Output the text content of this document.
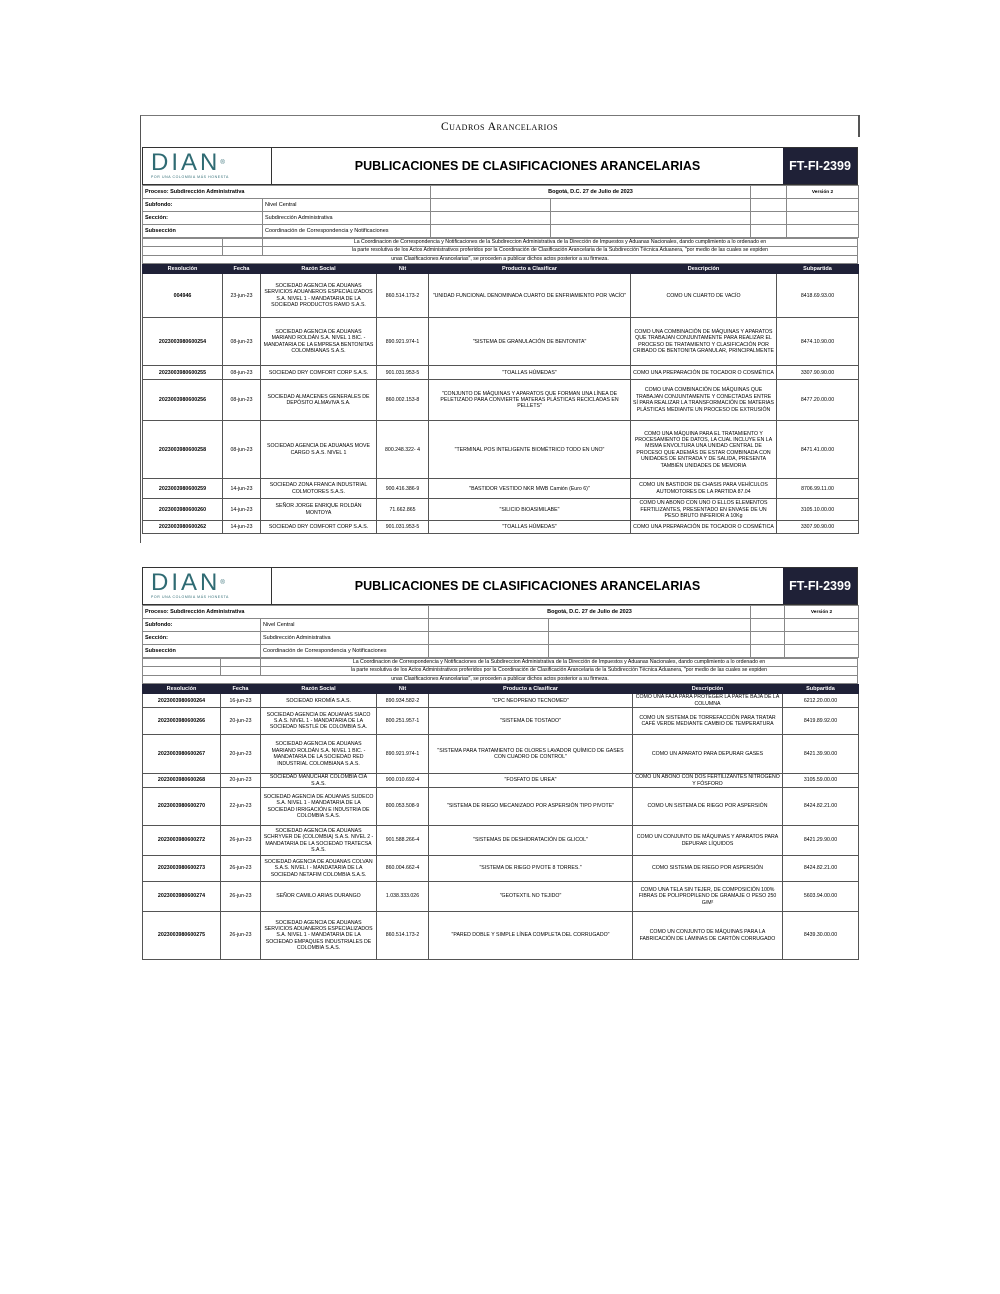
Cuadros Arancelarios
DIAN®
POR UNA COLOMBIA MÁS HONESTA
PUBLICACIONES DE CLASIFICACIONES ARANCELARIAS	FT-FI-2399
Proceso: Subdirección Administrativa		Bogotá, D.C. 27 de Julio de 2023			Versión 2
Subfondo:	Nivel Central				
Sección:	Subdirección Administrativa				
Subsección	Coordinación de Correspondencia y Notificaciones				
		La Coordinacion de Correspondencia y Notificaciones de la Subdireccion Administrativa de la Dirección de Impuestos y Aduanas Nacionales, dando cumplimiento a lo ordenado en
		la parte resolutiva de los Actos Administrativos proferidos por la Coordinación de Clasificación Arancelaria de la Subdirección Técnica Aduanera, "por medio de las cuales se expiden
unas Clasificaciones Arancelarias", se proceden a publicar dichos actos posterior a su firmeza.		
Resolución	Fecha	Razón Social	Nit	Producto a Clasificar	Descripción	Subpartida
004946	23-jun-23	SOCIEDAD AGENCIA DE ADUANAS SERVICIOS ADUANEROS ESPECIALIZADOS S.A. NIVEL 1 - MANDATARIA DE LA SOCIEDAD PRODUCTOS RAMO S.A.S.	860.514.173-2	"UNIDAD FUNCIONAL DENOMINADA CUARTO DE ENFRIAMIENTO POR VACÍO"	COMO UN CUARTO DE VACÍO	8418.69.93.00
2023003980600254	08-jun-23	SOCIEDAD AGENCIA DE ADUANAS MARIANO ROLDÁN S.A. NIVEL 1 BIC. - MANDATARIA DE LA EMPRESA BENTONITAS COLOMBIANAS S.A.S.	890.921.974-1	"SISTEMA DE GRANULACIÓN DE BENTONITA"	COMO UNA COMBINACIÓN DE MÁQUINAS Y APARATOS QUE TRABAJAN CONJUNTAMENTE PARA REALIZAR EL PROCESO DE TRATAMIENTO Y CLASIFICACIÓN POR CRIBADO DE BENTONITA GRANULAR, PRINCIPALMENTE	8474.10.90.00
2023003980600255	08-jun-23	SOCIEDAD DRY COMFORT CORP S.A.S.	901.031.953-5	"TOALLAS HÚMEDAS"	COMO UNA PREPARACIÓN DE TOCADOR O COSMÉTICA	3307.90.90.00
2023003980600256	08-jun-23	SOCIEDAD ALMACENES GENERALES DE DEPÓSITO ALMAVIVA S.A.	860.002.153-8	"CONJUNTO DE MÁQUINAS Y APARATOS QUE FORMAN UNA LÍNEA DE PELETIZADO PARA CONVIERTE MATERAS PLÁSTICAS RECICLADAS EN PELLETS"	COMO UNA COMBINACIÓN DE MÁQUINAS QUE TRABAJAN CONJUNTAMENTE Y CONECTADAS ENTRE SÍ PARA REALIZAR LA TRANSFORMACIÓN DE MATERIAS PLÁSTICAS MEDIANTE UN PROCESO DE EXTRUSIÓN	8477.20.00.00
2023003980600258	08-jun-23	SOCIEDAD AGENCIA DE ADUANAS MOVE CARGO S.A.S. NIVEL 1	800.248.322- 4	"TERMINAL POS INTELIGENTE BIOMÉTRICO TODO EN UNO"	COMO UNA MÁQUINA PARA EL TRATAMIENTO Y PROCESAMIENTO DE DATOS, LA CUAL INCLUYE EN LA MISMA ENVOLTURA UNA UNIDAD CENTRAL DE PROCESO QUE ADEMÁS DE ESTAR COMBINADA CON UNIDADES DE ENTRADA Y DE SALIDA, PRESENTA TAMBIÉN UNIDADES DE MEMORIA	8471.41.00.00
2023003980600259	14-jun-23	SOCIEDAD ZONA FRANCA INDUSTRIAL COLMOTORES S.A.S.	900.416.386-9	"BASTIDOR VESTIDO NKR MWB Camión (Euro 6)"	COMO UN BASTIDOR DE CHASIS PARA VEHÍCULOS AUTOMOTORES DE LA PARTIDA 87.04	8706.99.11.00
2023003980600260	14-jun-23	SEÑOR JORGE ENRIQUE ROLDÁN MONTOYA	71.662.865	"SILICIO BIOASIMILABE"	COMO UN ABONO CON UNO O ELLOS ELEMENTOS FERTILIZANTES, PRESENTADO EN ENVASE DE UN PESO BRUTO INFERIOR A 10Kg	3105.10.00.00
2023003980600262	14-jun-23	SOCIEDAD DRY COMFORT CORP S.A.S.	901.031.953-5	"TOALLAS HÚMEDAS"	COMO UNA PREPARACIÓN DE TOCADOR O COSMÉTICA	3307.90.90.00
DIAN®
POR UNA COLOMBIA MÁS HONESTA
PUBLICACIONES DE CLASIFICACIONES ARANCELARIAS	FT-FI-2399
Proceso: Subdirección Administrativa		Bogotá, D.C. 27 de Julio de 2023			Versión 2
Subfondo:	Nivel Central				
Sección:	Subdirección Administrativa				
Subsección	Coordinación de Correspondencia y Notificaciones				
		La Coordinacion de Correspondencia y Notificaciones de la Subdireccion Administrativa de la Dirección de Impuestos y Aduanas Nacionales, dando cumplimiento a lo ordenado en
		la parte resolutiva de los Actos Administrativos proferidos por la Coordinación de Clasificación Arancelaria de la Subdirección Técnica Aduanera, "por medio de las cuales se expiden
unas Clasificaciones Arancelarias", se proceden a publicar dichos actos posterior a su firmeza.		
Resolución	Fecha	Razón Social	Nit	Producto a Clasificar	Descripción	Subpartida
2023003980600264	16-jun-23	SOCIEDAD KROMÍA S.A.S.	890.934.582-2	"CPC NEOPRENO TECNOMED"	COMO UNA FAJA PARA PROTEGER LA PARTE BAJA DE LA COLUMNA	6212.20.00.00
2023003980600266	20-jun-23	SOCIEDAD AGENCIA DE ADUANAS SIACO S.A.S. NIVEL 1 - MANDATARIA DE LA SOCIEDAD NESTLÉ DE COLOMBIA S.A.	800.251.957-1	"SISTEMA DE TOSTADO"	COMO UN SISTEMA DE TORREFACCIÓN PARA TRATAR CAFÉ VERDE MEDIANTE CAMBIO DE TEMPERATURA	8419.89.92.00
2023003980600267	20-jun-23	SOCIEDAD AGENCIA DE ADUANAS MARIANO ROLDÁN S.A. NIVEL 1 BIC. - MANDATARIA DE LA SOCIEDAD RED INDUSTRIAL COLOMBIANA S.A.S.	890.921.974-1	"SISTEMA PARA TRATAMIENTO DE OLORES LAVADOR QUÍMICO DE GASES CON CUADRO DE CONTROL"	COMO UN APARATO PARA DEPURAR GASES	8421.39.90.00
2023003980600268	20-jun-23	SOCIEDAD MANUCHAR COLOMBIA CÍA S.A.S.	900.010.692-4	"FOSFATO DE UREA"	COMO UN ABONO CON DOS FERTILIZANTES NITRÓGENO Y FÓSFORO	3105.59.00.00
2023003980600270	22-jun-23	SOCIEDAD AGENCIA DE ADUANAS SUDECO S.A. NIVEL 1 - MANDATARIA DE LA SOCIEDAD IRRIGACIÓN E INDUSTRIA DE COLOMBIA S.A.S.	800.053.508-9	"SISTEMA DE RIEGO MECANIZADO POR ASPERSIÓN TIPO PIVOTE"	COMO UN SISTEMA DE RIEGO POR ASPERSIÓN	8424.82.21.00
2023003980600272	26-jun-23	SOCIEDAD AGENCIA DE ADUANAS SCHRYVER DE (COLOMBIA) S.A.S. NIVEL 2 - MANDATARIA DE LA SOCIEDAD TRATECSA S.A.S.	901.588.266-4	"SISTEMAS DE DESHIDRATACIÓN DE GLICOL"	COMO UN CONJUNTO DE MÁQUINAS Y APARATOS PARA DEPURAR LÍQUIDOS	8421.29.90.00
2023003980600273	26-jun-23	SOCIEDAD AGENCIA DE ADUANAS COLVAN S.A.S. NIVEL I - MANDATARIA DE LA SOCIEDAD NETAFIM COLOMBIA S.A.S.	860.004.662-4	"SISTEMA DE RIEGO PIVOTE 8 TORRES."	COMO SISTEMA DE RIEGO POR ASPERSIÓN	8424.82.21.00
2023003980600274	26-jun-23	SEÑOR CAMILO ARIAS DURANGO	1.038.333.026	"GEOTEXTIL NO TEJIDO"	COMO UNA TELA SIN TEJER, DE COMPOSICIÓN 100% FIBRAS DE POLIPROPILENO DE GRAMAJE O PESO 250 G/M²	5603.94.00.00
2023003980600275	26-jun-23	SOCIEDAD AGENCIA DE ADUANAS SERVICIOS ADUANEROS ESPECIALIZADOS S.A. NIVEL 1 - MANDATARIA DE LA SOCIEDAD EMPAQUES INDUSTRIALES DE COLOMBIA S.A.S.	860.514.173-2	"PARED DOBLE Y SIMPLE LÍNEA COMPLETA DEL CORRUGADO"	COMO UN CONJUNTO DE MÁQUINAS PARA LA FABRICACIÓN DE LÁMINAS DE CARTÓN CORRUGADO	8439.30.00.00
